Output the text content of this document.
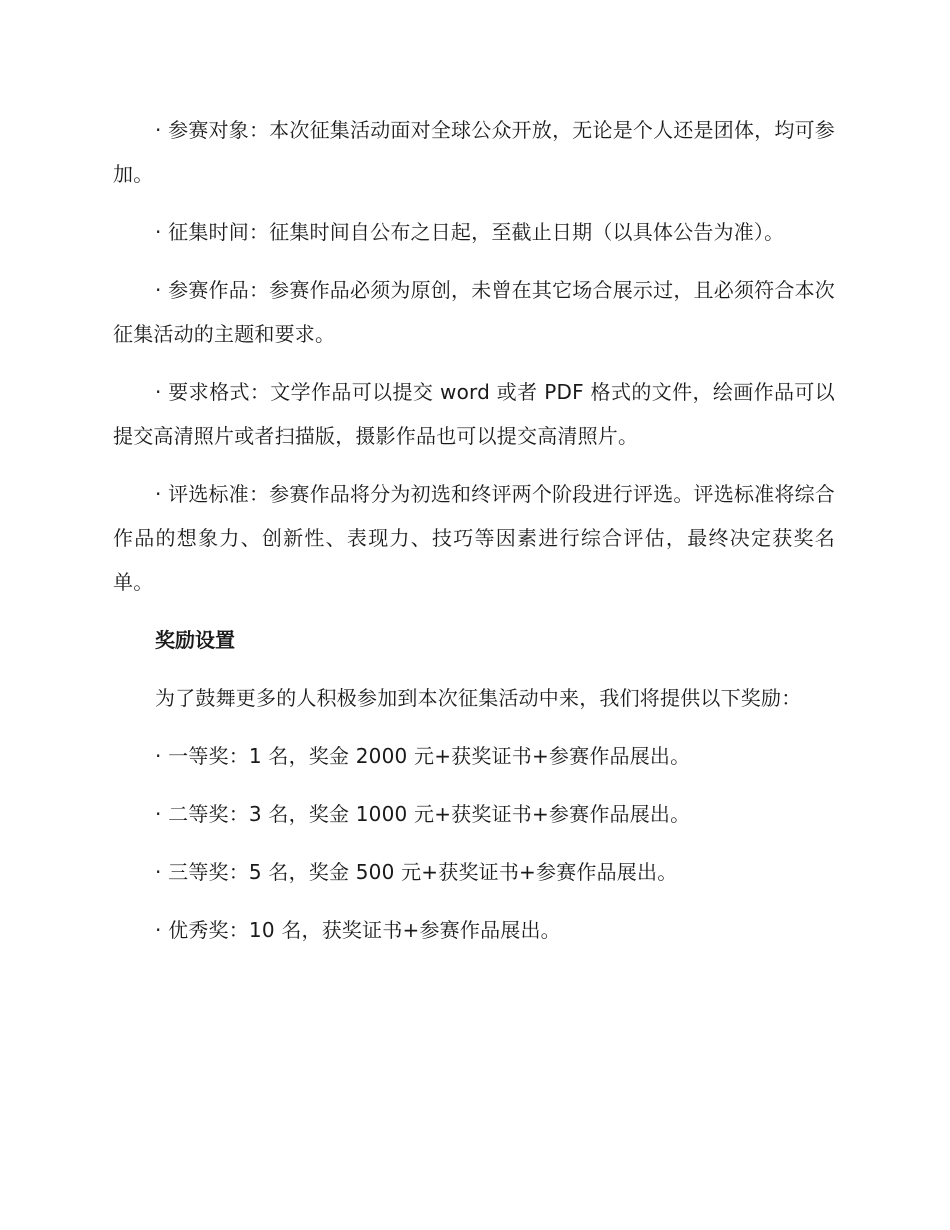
· 参赛对象：本次征集活动面对全球公众开放，无论是个人还是团体，均可参加。

· 征集时间：征集时间自公布之日起，至截止日期（以具体公告为准）。

· 参赛作品：参赛作品必须为原创，未曾在其它场合展示过，且必须符合本次征集活动的主题和要求。

· 要求格式：文学作品可以提交 word 或者 PDF 格式的文件，绘画作品可以提交高清照片或者扫描版，摄影作品也可以提交高清照片。

· 评选标准：参赛作品将分为初选和终评两个阶段进行评选。评选标准将综合作品的想象力、创新性、表现力、技巧等因素进行综合评估，最终决定获奖名单。

奖励设置

为了鼓舞更多的人积极参加到本次征集活动中来，我们将提供以下奖励：

· 一等奖：1 名，奖金 2000 元+获奖证书+参赛作品展出。

· 二等奖：3 名，奖金 1000 元+获奖证书+参赛作品展出。

· 三等奖：5 名，奖金 500 元+获奖证书+参赛作品展出。

· 优秀奖：10 名，获奖证书+参赛作品展出。
